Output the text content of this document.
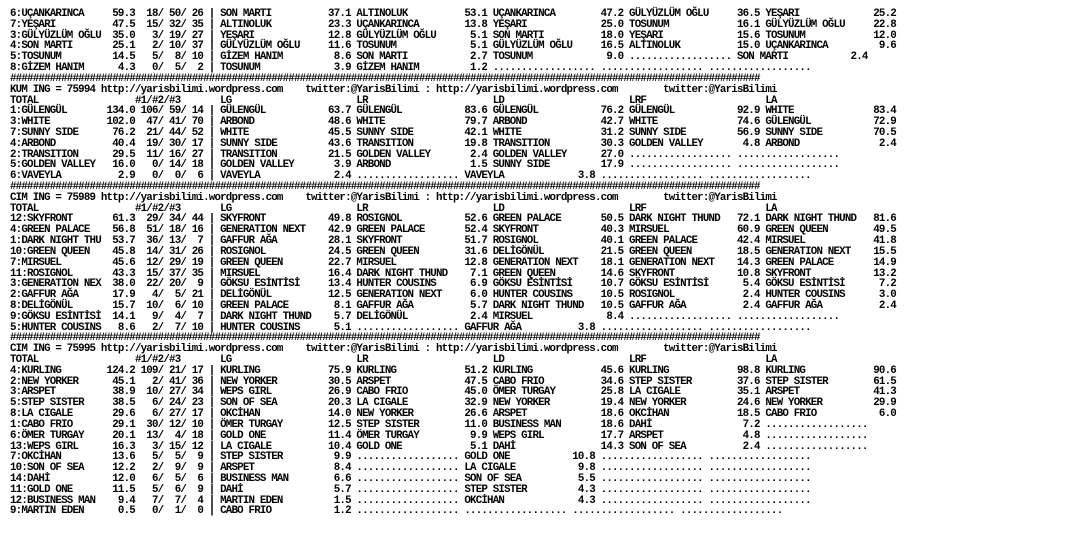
6:UÇANKARINCA     59.3  18/ 50/ 26 | SON MARTI          37.1 ALTINOLUK          53.1 UÇANKARINCA        47.2 GÜLYÜZLÜM OĞLU     36.5 YEŞARI             25.2
7:YEŞARI          47.5  15/ 32/ 35 | ALTINOLUK          23.3 UÇANKARINCA        13.8 YEŞARI             25.0 TOSUNUM            16.1 GÜLYÜZLÜM OĞLU     22.8
3:GÜLYÜZLÜM OĞLU  35.0   3/ 19/ 27 | YEŞARI             12.8 GÜLYÜZLÜM OĞLU      5.1 SON MARTI          18.0 YEŞARI             15.6 TOSUNUM            12.0
4:SON MARTI       25.1   2/ 10/ 37 | GÜLYÜZLÜM OĞLU     11.6 TOSUNUM             5.1 GÜLYÜZLÜM OĞLU     16.5 ALTINOLUK          15.0 UÇANKARINCA         9.6
5:TOSUNUM         14.5   5/  8/ 10 | GİZEM HANIM         8.6 SON MARTI           2.7 TOSUNUM             9.0 .................. SON MARTI           2.4
8:GİZEM HANIM      4.3   0/  5/  2 | TOSUNUM             3.9 GİZEM HANIM         1.2 .................. .................. ..................
####################################################################################################################################
KUM ING = 75994 http://yarisbilimi.wordpress.com    twitter:@YarisBilimi : http://yarisbilimi.wordpress.com        twitter:@YarisBilimi
TOTAL                 #1/#2/#3       LG                      LR                      LD                      LRF                     LA
1:GÜLENGÜL       134.0 106/ 59/ 14 | GÜLENGÜL           63.7 GÜLENGÜL           83.6 GÜLENGÜL           76.2 GÜLENGÜL           92.9 WHITE              83.4
3:WHITE          102.0  47/ 41/ 70 | ARBOND             48.6 WHITE              79.7 ARBOND             42.7 WHITE              74.6 GÜLENGÜL           72.9
7:SUNNY SIDE      76.2  21/ 44/ 52 | WHITE              45.5 SUNNY SIDE         42.1 WHITE              31.2 SUNNY SIDE         56.9 SUNNY SIDE         70.5
4:ARBOND          40.4  19/ 30/ 17 | SUNNY SIDE         43.6 TRANSITION         19.8 TRANSITION         30.3 GOLDEN VALLEY       4.8 ARBOND              2.4
2:TRANSITION      29.5  11/ 16/ 27 | TRANSITION         21.5 GOLDEN VALLEY       2.4 GOLDEN VALLEY      27.0 .................. ..................
5:GOLDEN VALLEY   16.0   0/ 14/ 18 | GOLDEN VALLEY       3.9 ARBOND              1.5 SUNNY SIDE         17.9 .................. ..................
6:VAVEYLA          2.9   0/  0/  6 | VAVEYLA             2.4 .................. VAVEYLA             3.8 .................. ..................
####################################################################################################################################
CIM ING = 75989 http://yarisbilimi.wordpress.com    twitter:@YarisBilimi : http://yarisbilimi.wordpress.com        twitter:@YarisBilimi
TOTAL                 #1/#2/#3       LG                      LR                      LD                      LRF                     LA
12:SKYFRONT       61.3  29/ 34/ 44 | SKYFRONT           49.8 ROSIGNOL           52.6 GREEN PALACE       50.5 DARK NIGHT THUND   72.1 DARK NIGHT THUND   81.6
4:GREEN PALACE    56.8  51/ 18/ 16 | GENERATION NEXT    42.9 GREEN PALACE       52.4 SKYFRONT           40.3 MIRSUEL            60.9 GREEN QUEEN        49.5
1:DARK NIGHT THU  53.7  36/ 13/  7 | GAFFUR AĞA         28.1 SKYFRONT           51.7 ROSIGNOL           40.1 GREEN PALACE       42.4 MIRSUEL            41.8
10:GREEN QUEEN    45.8  14/ 31/ 26 | ROSIGNOL           24.5 GREEN QUEEN        31.6 DELİGÖNÜL          21.5 GREEN QUEEN        18.5 GENERATION NEXT    15.5
7:MIRSUEL         45.6  12/ 29/ 19 | GREEN QUEEN        22.7 MIRSUEL            12.8 GENERATION NEXT    18.1 GENERATION NEXT    14.3 GREEN PALACE       14.9
11:ROSIGNOL       43.3  15/ 37/ 35 | MIRSUEL            16.4 DARK NIGHT THUND    7.1 GREEN QUEEN        14.6 SKYFRONT           10.8 SKYFRONT           13.2
3:GENERATION NEX  38.0  22/ 20/  9 | GÖKSU ESİNTİSİ     13.4 HUNTER COUSINS      6.9 GÖKSU ESİNTİSİ     10.7 GÖKSU ESİNTİSİ      5.4 GÖKSU ESİNTİSİ      7.2
2:GAFFUR AĞA      17.9   4/  5/ 21 | DELİGÖNÜL          12.5 GENERATION NEXT     6.0 HUNTER COUSINS     10.5 ROSIGNOL            2.4 HUNTER COUSINS      3.0
8:DELİGÖNÜL       15.7  10/  6/ 10 | GREEN PALACE        8.1 GAFFUR AĞA          5.7 DARK NIGHT THUND   10.5 GAFFUR AĞA          2.4 GAFFUR AĞA          2.4
9:GÖKSU ESİNTİSİ  14.1   9/  4/  7 | DARK NIGHT THUND    5.7 DELİGÖNÜL           2.4 MIRSUEL             8.4 .................. ..................
5:HUNTER COUSINS   8.6   2/  7/ 10 | HUNTER COUSINS      5.1 .................. GAFFUR AĞA          3.8 .................. ..................
####################################################################################################################################
CIM ING = 75995 http://yarisbilimi.wordpress.com    twitter:@YarisBilimi : http://yarisbilimi.wordpress.com        twitter:@YarisBilimi
TOTAL                 #1/#2/#3       LG                      LR                      LD                      LRF                     LA
4:KURLING        124.2 109/ 21/ 17 | KURLING            75.9 KURLING            51.2 KURLING            45.6 KURLING            98.8 KURLING            90.6
2:NEW YORKER      45.1   2/ 41/ 36 | NEW YORKER         30.5 ARSPET             47.5 CABO FRIO          34.6 STEP SISTER        37.6 STEP SISTER        61.5
3:ARSPET          38.9  10/ 27/ 34 | WEPS GIRL          26.9 CABO FRIO          45.0 ÖMER TURGAY        25.8 LA CIGALE          35.1 ARSPET             41.3
5:STEP SISTER     38.5   6/ 24/ 23 | SON OF SEA         20.3 LA CIGALE          32.9 NEW YORKER         19.4 NEW YORKER         24.6 NEW YORKER         29.9
8:LA CIGALE       29.6   6/ 27/ 17 | OKCİHAN            14.0 NEW YORKER         26.6 ARSPET             18.6 OKCİHAN            18.5 CABO FRIO           6.0
1:CABO FRIO       29.1  30/ 12/ 10 | ÖMER TURGAY        12.5 STEP SISTER        11.0 BUSINESS MAN       18.6 DAHİ                7.2 ..................
6:ÖMER TURGAY     20.1  13/  4/ 18 | GOLD ONE           11.4 ÖMER TURGAY         9.9 WEPS GIRL          17.7 ARSPET              4.8 ..................
13:WEPS GIRL      16.3   3/ 15/ 12 | LA CIGALE          10.4 GOLD ONE            5.1 DAHİ               14.3 SON OF SEA          2.4 ..................
7:OKCİHAN         13.6   5/  5/  9 | STEP SISTER         9.9 .................. GOLD ONE           10.8 .................. ..................
10:SON OF SEA     12.2   2/  9/  9 | ARSPET              8.4 .................. LA CIGALE           9.8 .................. ..................
14:DAHİ           12.0   6/  5/  6 | BUSINESS MAN        6.6 .................. SON OF SEA          5.5 .................. ..................
11:GOLD ONE       11.5   5/  6/  9 | DAHİ                5.7 .................. STEP SISTER         4.3 .................. ..................
12:BUSINESS MAN    9.4   7/  7/  4 | MARTIN EDEN         1.5 .................. OKCİHAN             4.3 .................. ..................
9:MARTIN EDEN      0.5   0/  1/  0 | CABO FRIO           1.2 .................. .................. .................. ..................
